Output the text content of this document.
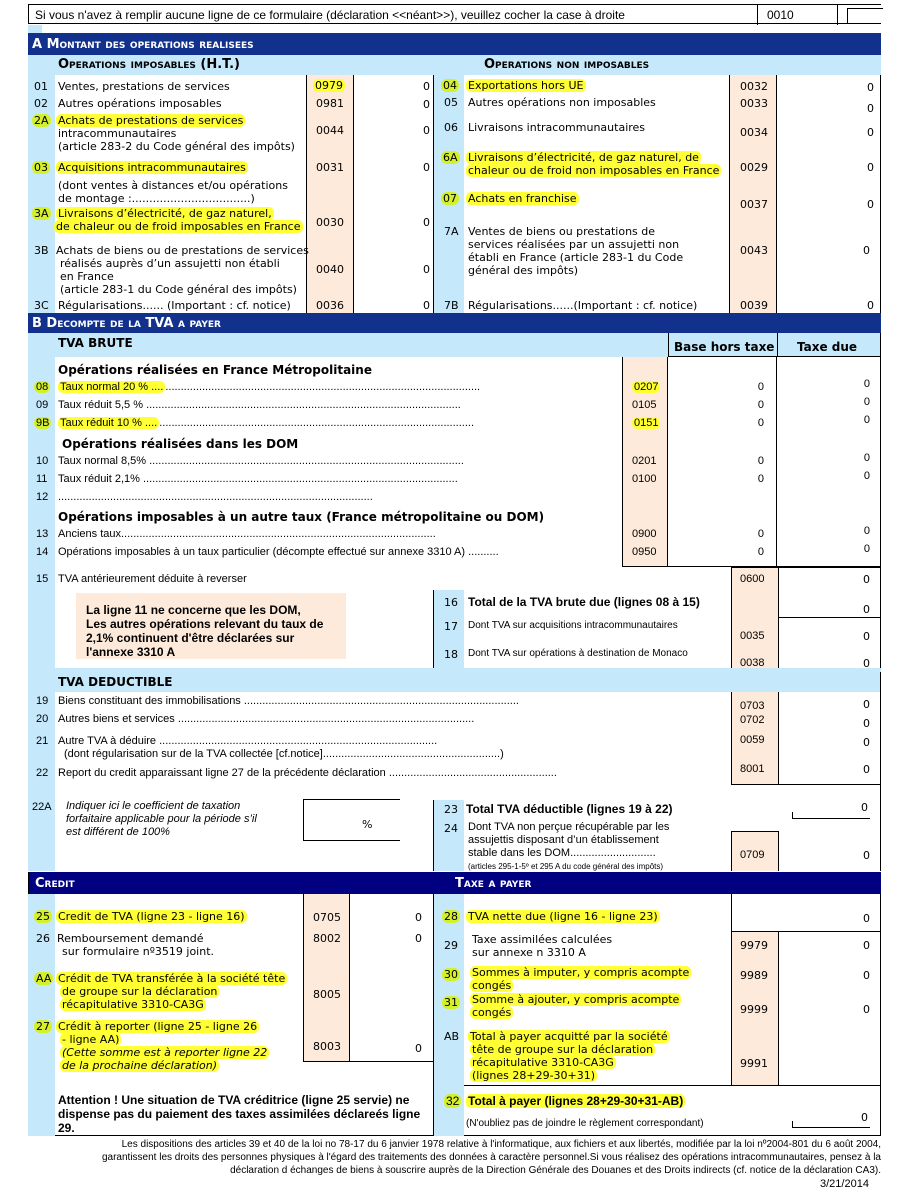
Si vous n'avez à remplir aucune ligne de ce formulaire (déclaration <<néant>>), veuillez cocher la case à droite	0010
A Montant des operations realisees
Operations imposables (H.T.)	Operations non imposables
01 Ventes, prestations de services	0979	0
02 Autres opérations imposables	0981	0
2A Achats de prestations de services
intracommunautaires
(article 283-2 du Code général des impôts)
0044	0
03 Acquisitions intracommunautaires	0031	0
(dont ventes à distances et/ou opérations
de montage :..................................)
3A Livraisons d’électricité, de gaz naturel,
de chaleur ou de froid imposables en France 0030	0
3B Achats de biens ou de prestations de services
réalisés auprès d’un assujetti non établi
en France
(article 283-1 du Code général des impôts)
0040	0
3C Régularisations...... (Important : cf. notice) 0036	0
04 Exportations hors UE	0032	0
05 Autres opérations non imposables	0033	0
06 Livraisons intracommunautaires	0034	0
6A Livraisons d’électricité, de gaz naturel, de
chaleur ou de froid non imposables en France 0029	0
07 Achats en franchise	0037	0
7A Ventes de biens ou prestations de
services réalisées par un assujetti non
établi en France (article 283-1 du Code
général des impôts)
0043	0
7B Régularisations......(Important : cf. notice)	0039	0
B Decompte de la TVA a payer
TVA BRUTE	Base hors taxe Taxe due
Opérations réalisées en France Métropolitaine
Opérations réalisées dans les DOM
Opérations imposables à un autre taux (France métropolitaine ou DOM)
08 Taux normal 20 % .... .......................................................................................................	0207	0	0
09 Taux réduit 5,5 % .......................................................................................................	0105	0	0
9B Taux réduit 10 % .... .......................................................................................................	0151	0	0
10 Taux normal 8,5% .......................................................................................................	0201	0	0
11 Taux réduit 2,1% .......................................................................................................	0100	0	0
12 .......................................................................................................
13 Anciens taux.......................................................................................................	0900	0	0
14 Opérations imposables à un taux particulier (décompte effectué sur annexe 3310 A) ..........	0950	0	0
15 TVA antérieurement déduite à reverser	0600	0
La ligne 11 ne concerne que les DOM,
Les autres opérations relevant du taux de
2,1% continuent d'être déclarées sur
l'annexe 3310 A
16 Total de la TVA brute due (lignes 08 à 15)
0
17 Dont TVA sur acquisitions intracommunautaires
0035	0
18 Dont TVA sur opérations à destination de Monaco
0038	0
TVA DEDUCTIBLE
19 Biens constituant des immobilisations ..........................................................................................	0703	0
20 Autres biens et services .................................................................................................	0702	0
21 Autre TVA à déduire ...........................................................................................
(dont régularisation sur de la TVA collectée [cf.notice]..........................................................)
0059	0
22 Report du credit apparaissant ligne 27 de la précédente déclaration .......................................................	8001	0
22A Indiquer ici le coefficient de taxation
forfaitaire applicable pour la période s’il
est différent de 100%
%
23 Total TVA déductible (lignes 19 à 22)	0
24 Dont TVA non perçue récupérable par les
assujettis disposant d’un établissement
stable dans les DOM............................
(articles 295-1-5º et 295 A du code général des impôts)
0709	0
Credit	Taxe a payer
25 Credit de TVA (ligne 23 - ligne 16)	0705	0
26 Remboursement demandé
sur formulaire nº3519 joint.
8002	0
AA Crédit de TVA transférée à la société tête
de groupe sur la déclaration
récapitulative 3310-CA3G
8005
27 Crédit à reporter (ligne 25 - ligne 26
- ligne AA)
(Cette somme est à reporter ligne 22
de la prochaine déclaration)
8003	0
Attention ! Une situation de TVA créditrice (ligne 25 servie) ne dispense pas du paiement des taxes assimilées déclareés ligne 29.
28 TVA nette due (ligne 16 - ligne 23)	0
29 Taxe assimilées calculées
sur annexe n 3310 A
9979	0
30 Sommes à imputer, y compris acompte
congés
9989	0
31 Somme à ajouter, y compris acompte
congés	9999	0
AB Total à payer acquitté par la société
tête de groupe sur la déclaration
récapitulative 3310-CA3G
(lignes 28+29-30+31)
9991
32 Total à payer (lignes 28+29-30+31-AB)
(N'oubliez pas de joindre le règlement correspondant)	0
Les dispositions des articles 39 et 40 de la loi no 78-17 du 6 janvier 1978 relative à l'informatique, aux fichiers et aux libertés, modifiée par la loi nº2004-801 du 6 août 2004,
garantissent les droits des personnes physiques à l'égard des traitements des données à caractère personnel.Si vous réalisez des opérations intracommunautaires, pensez à la
déclaration d échanges de biens à souscrire auprès de la Direction Générale des Douanes et des Droits indirects (cf. notice de la déclaration CA3).
3/21/2014
